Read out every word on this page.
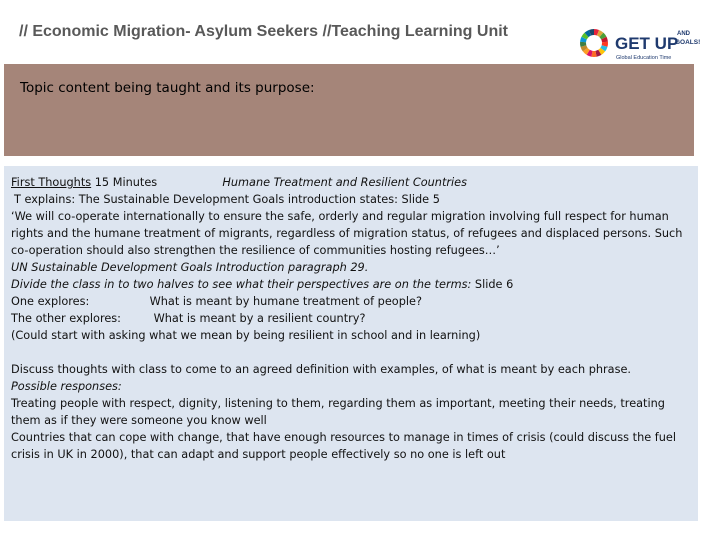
// Economic Migration- Asylum Seekers //Teaching Learning Unit
GET UP
AND
GOALS!
Global Education Time
Topic content being taught and its purpose:
First Thoughts 15 Minutes	Humane Treatment and Resilient Countries
T explains: The Sustainable Development Goals introduction states: Slide 5
‘We will co-operate internationally to ensure the safe, orderly and regular migration involving full respect for human rights and the humane treatment of migrants, regardless of migration status, of refugees and displaced persons. Such co-operation should also strengthen the resilience of communities hosting refugees…’
UN Sustainable Development Goals Introduction paragraph 29.
Divide the class in to two halves to see what their perspectives are on the terms: Slide 6
One explores:	What is meant by humane treatment of people?
The other explores:	What is meant by a resilient country?
(Could start with asking what we mean by being resilient in school and in learning)
Discuss thoughts with class to come to an agreed definition with examples, of what is meant by each phrase.
Possible responses:
Treating people with respect, dignity, listening to them, regarding them as important, meeting their needs, treating them as if they were someone you know well
Countries that can cope with change, that have enough resources to manage in times of crisis (could discuss the fuel crisis in UK in 2000), that can adapt and support people effectively so no one is left out
